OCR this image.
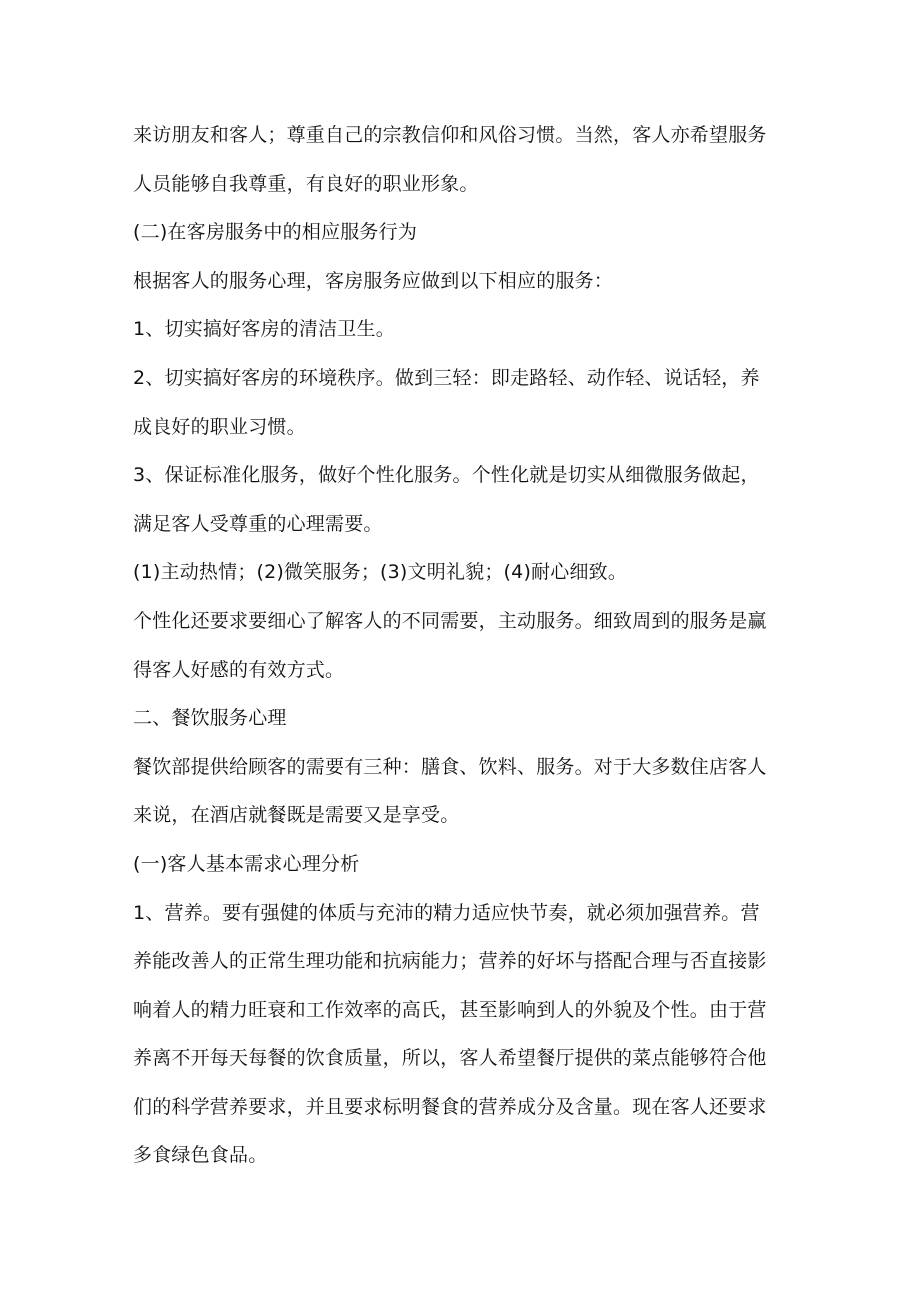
来访朋友和客人；尊重自己的宗教信仰和风俗习惯。当然，客人亦希望服务
人员能够自我尊重，有良好的职业形象。
(二)在客房服务中的相应服务行为
根据客人的服务心理，客房服务应做到以下相应的服务：
1、切实搞好客房的清洁卫生。
2、切实搞好客房的环境秩序。做到三轻：即走路轻、动作轻、说话轻，养
成良好的职业习惯。
3、保证标准化服务，做好个性化服务。个性化就是切实从细微服务做起，
满足客人受尊重的心理需要。
(1)主动热情；(2)微笑服务；(3)文明礼貌；(4)耐心细致。
个性化还要求要细心了解客人的不同需要，主动服务。细致周到的服务是赢
得客人好感的有效方式。
二、餐饮服务心理
餐饮部提供给顾客的需要有三种：膳食、饮料、服务。对于大多数住店客人
来说，在酒店就餐既是需要又是享受。
(一)客人基本需求心理分析
1、营养。要有强健的体质与充沛的精力适应快节奏，就必须加强营养。营
养能改善人的正常生理功能和抗病能力；营养的好坏与搭配合理与否直接影
响着人的精力旺衰和工作效率的高氏，甚至影响到人的外貌及个性。由于营
养离不开每天每餐的饮食质量，所以，客人希望餐厅提供的菜点能够符合他
们的科学营养要求，并且要求标明餐食的营养成分及含量。现在客人还要求
多食绿色食品。
